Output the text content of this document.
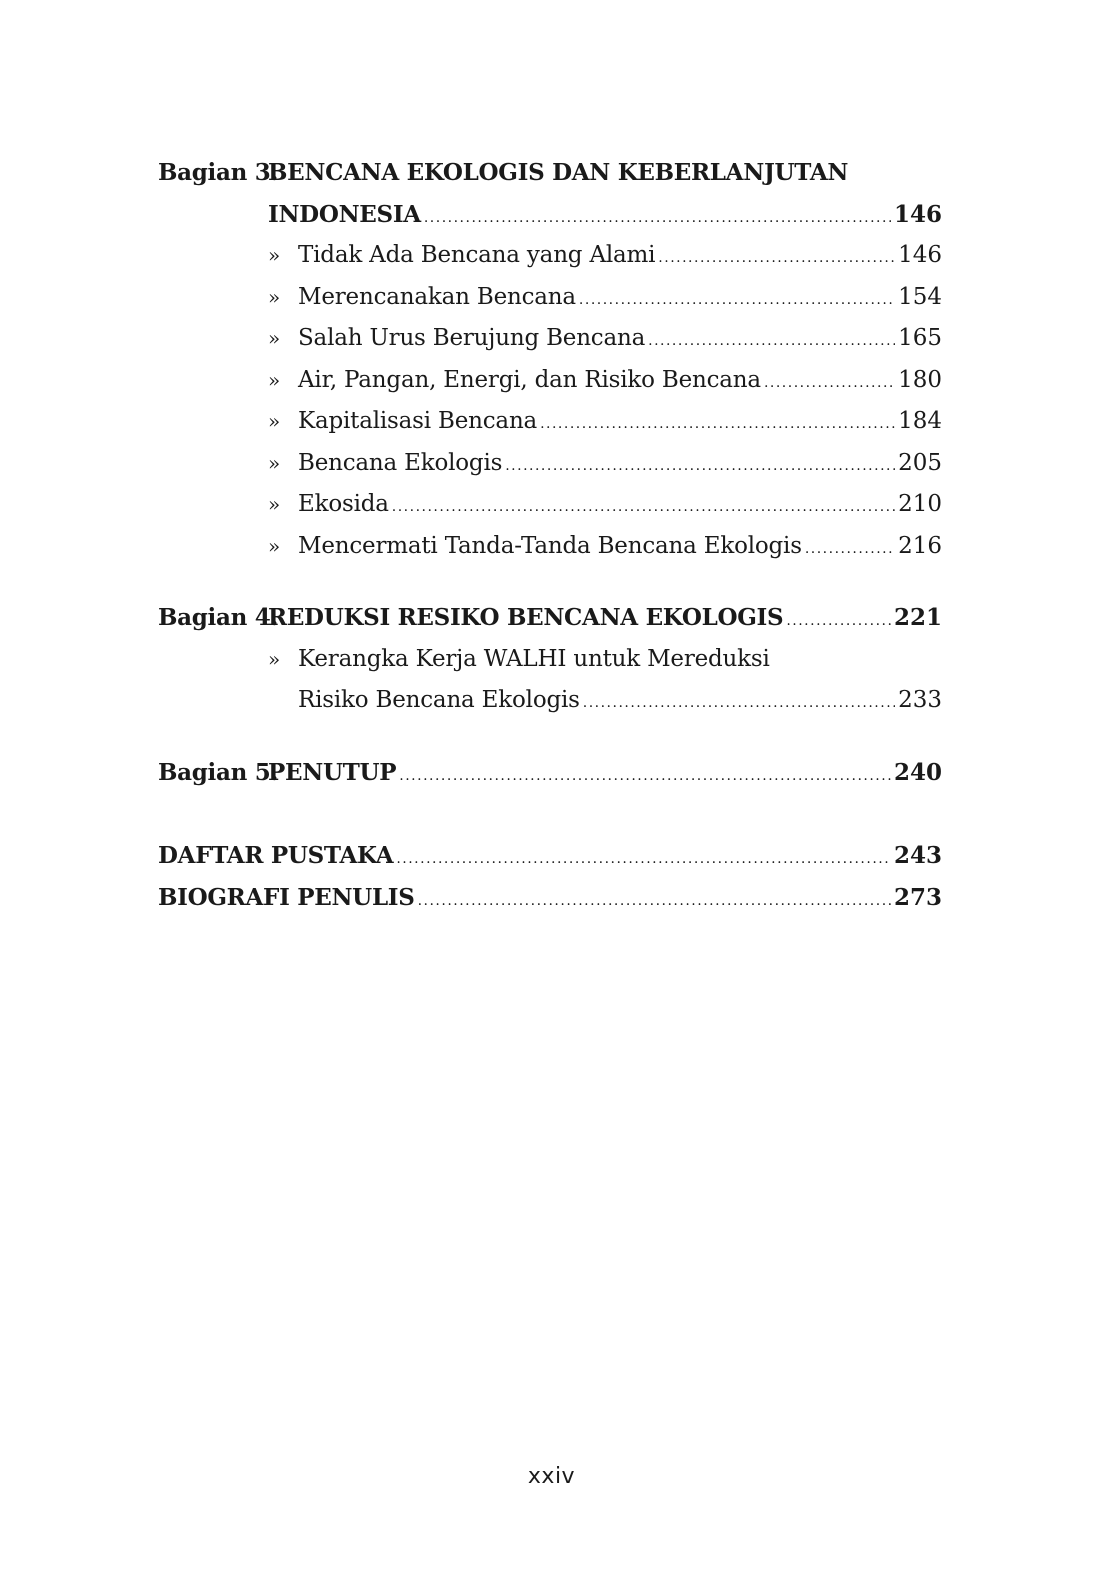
Bagian 3.
BENCANA EKOLOGIS DAN KEBERLANJUTAN
INDONESIA .....	146
» Tidak Ada Bencana yang Alami .....	146
» Merencanakan Bencana .....	154
» Salah Urus Berujung Bencana .....	165
» Air, Pangan, Energi, dan Risiko Bencana .....	180
» Kapitalisasi Bencana .....	184
» Bencana Ekologis .....	205
» Ekosida .....	210
» Mencermati Tanda-Tanda Bencana Ekologis .....	216
Bagian 4.
REDUKSI RESIKO BENCANA EKOLOGIS .....	221
» Kerangka Kerja WALHI untuk Mereduksi
Risiko Bencana Ekologis .....	233
Bagian 5.
PENUTUP .....	240
DAFTAR PUSTAKA .....	243
BIOGRAFI PENULIS .....	273
xxiv
